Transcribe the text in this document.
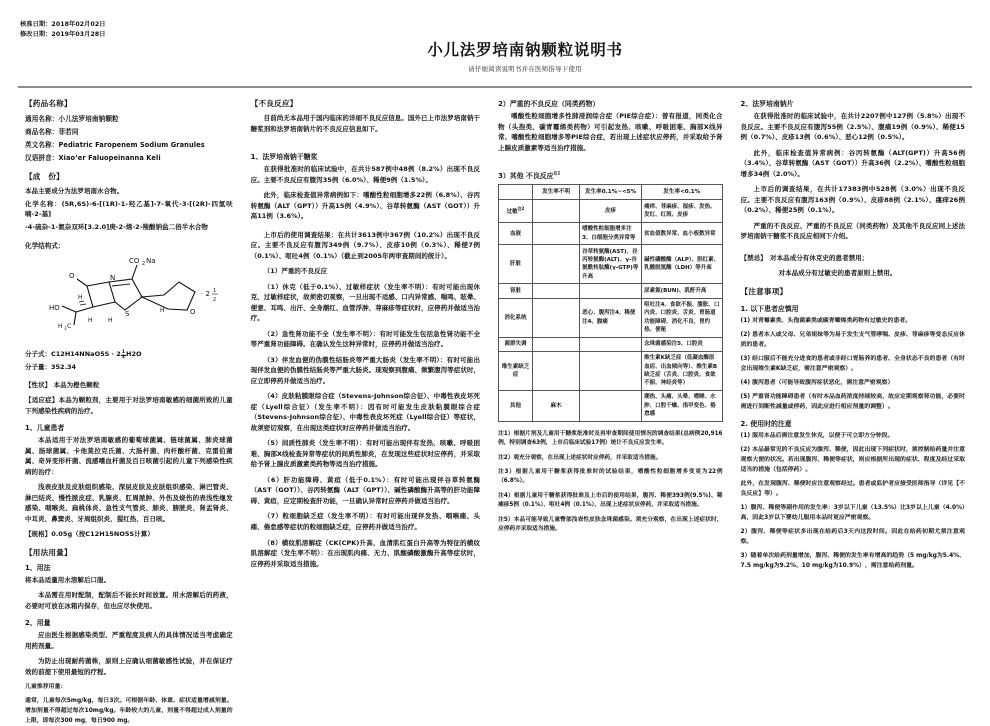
核准日期：2018年02月02日
修改日期：2019年03月28日
小儿法罗培南钠颗粒说明书
请仔细阅读说明书并在医师指导下使用
【药品名称】
通用名称：小儿法罗培南钠颗粒
商品名称：菲若同
英文名称：Pediatric Faropenem Sodium Granules
汉语拼音：Xiao’er Faluopeinanna Keli
【成　份】

本品主要成分为法罗培南水合物。

化学名称：(5R,6S)-6-[(1R)-1-羟乙基]-7-氧代-3-[(2R)-四氢呋喃-2-基]

-4-硫杂-1-氮杂双环[3.2.0]庚-2-烯-2-羧酸钠盐二倍半水合物

化学结构式：
CO 2 Na
O	N
S	O
HO
H
H 3 C
H	H
H
· 2 1
2
分子式：C12H14NNaO5S · $2 \frac{1}{2} H2O$
分子量：352.34

【性状】 本品为橙色颗粒

【适应症】本品为颗粒剂，主要用于对法罗培南敏感的细菌所致的儿童下列感染性疾病的治疗。

1、儿童患者

本品适用于对法罗培南敏感的葡萄球菌属、链球菌属、肺炎球菌属、肠球菌属、卡他莫拉克氏菌、大肠杆菌、肉杆酸杆菌、克雷伯菌属、奇异变形杆菌、流感嗜血杆菌及百日咳菌引起的儿童下列感染性疾病的治疗：

浅表皮肤及皮肤组织感染、深层皮肤及皮肤组织感染、淋巴管炎、淋巴结炎、慢性脓皮症、乳腺炎、肛周脓肿、外伤及烧伤的表浅性继发感染、咽喉炎、扁桃体炎、急性支气管炎、肺炎、膀胱炎、肾盂肾炎、中耳炎、鼻窦炎、牙周组织炎、猩红热、百日咳。

【规格】0.05g（按C12H15NO5S计算）

【用法用量】
1、用法

将本品适量用水溶解后口服。

本品需在用时配制，配制后不能长时间放置。用水溶解后的药液，必要时可放在冰箱内保存，但也应尽快使用。

2、用量

应由医生根据感染类型、严重程度及病人的具体情况适当考虑确定用药剂量。

为防止出现耐药菌株，原则上应确认细菌敏感性试验，并在保证疗效的前提下使用最短的疗程。

儿童推荐用量：

通常，儿童每次5mg/kg，每日3次。可根据年龄、体重、症状适量增减剂量。增加剂量不得超过每次10mg/kg。年龄较大的儿童，剂量不得超过成人剂量的上限，即每次300 mg，每日900 mg。

【不良反应】

目前尚无本品用于国内临床的详细不良反应信息。国外已上市法罗培南钠干糖浆剂和法罗培南钠片的不良反应信息如下。

1、法罗培南钠干糖浆

在获得批准时的临床试验中，在共计587例中48例（8.2%）出现不良反应。主要不良反应有腹泻35例（6.0%）、稀便9例（1.5%）。

此外，临床检查值异常病例如下：嗜酸性粒细胞增多22例（6.8%）、谷丙转氨酶（ALT（GPT））升高15例（4.9%）、谷草转氨酶（AST（GOT））升高11例（3.6%）。

上市后的使用调查结果：在共计3613例中367例（10.2%）出现不良反应。主要不良反应有腹泻349例（9.7%）、皮疹10例（0.3%）、稀便7例（0.1%）、呕吐4例（0.1%）（截止到2005年两审查期间的统计）。

（1）严重的不良反应

（1）休克（低于0.1%）、过敏样症状（发生率不明）：有时可能出现休克、过敏样症状，故须密切观察，一旦出现不适感、口内异常感、喘鸣、眩晕、便意、耳鸣、出汗、全身潮红、血管浮肿、荨麻疹等症状时，应停药并做适当治疗。

（2）急性肾功能不全（发生率不明）：有时可能发生包括急性肾功能不全等严重肾功能障碍。在确认发生这种异常时，应停药并做适当治疗。

（3）伴发血便的伪膜性结肠炎等严重大肠炎（发生率不明）：有时可能出现伴发血便的伪膜性结肠炎等严重大肠炎。现观察到腹痛、频繁腹泻等症状时，应立即停药并做适当治疗。

（4）皮肤粘膜眼综合症（Stevens-Johnson综合征）、中毒性表皮坏死症（Lyell综合征）（发生率不明）：因有时可能发生皮肤粘膜眼综合症（Stevens-Johnson综合征）、中毒性表皮坏死症（Lyell综合征）等症状，故须密切观察，在出现这类症状时应停药并做适当治疗。

（5）间质性肺炎（发生率不明）：有时可能出现伴有发热、咳嗽、呼吸困难、胸部X线检查异常等症状的间质性肺炎，在发现这些症状时应停药，并采取给予肾上腺皮质激素类药物等适当治疗措施。

（6）肝功能障碍、黄疸（低于0.1%）：有时可能出现伴谷草转氨酶（AST（GOT））、谷丙转氨酶（ALT（GPT））、碱性磷酸酶升高等的肝功能障碍、黄疸，应定期检查肝功能，一旦确认异常时应停药并做适当治疗。

（7）粒细胞缺乏症（发生率不明）：有时可能出现伴发热、咽喉痛、头痛、倦怠感等症状的粒细胞缺乏症，应停药并做适当治疗。

（8）横纹肌溶解症（CK(CPK)升高、血清肌红蛋白升高等为特征的横纹肌溶解症（发生率不明）：在出现肌肉痛、无力、肌酸磷酸激酶升高等症状时，应停药并采取适当措施。

2）严重的不良反应（同类药物）

嗜酸性粒细胞增多性肺浸润综合症（PIE综合症）：曾有报道，同类化合物（头孢类、碳青霉烯类药物）可引起发热、咳嗽、呼吸困难、胸部X线异常、嗜酸性粒细胞增多等PIE综合症，若出现上述症状应停药，并采取给予肾上腺皮质激素等适当治疗措施。

3）其他 不良反应$^{注1}$
	发生率不明	发生率0.1%~<5%	发生率<0.1%
过敏$^{注2}$		皮疹	痛痒、荨麻疹、湿疹、发热、发红、红斑、皮疹
血液		嗜酸性粒细胞增多注3、白细胞分类异常等	贫血值数异常、血小板数异常
肝脏		谷草转氨酶(AST)、谷丙转氨酶(ALT)、γ-谷氨酰转肽酶(γ-GTP)等升高	碱性磷酸酶（ALP）、胆红素、乳酸脱氢酶（LDH）等升高
肾脏			尿素氮(BUN)、肌酐升高
消化系统		恶心、腹泻注4、稀便注4、腹痛	呕吐注4、食欲不振、腹胀、口内炎、口腔炎、舌炎、胃肠道功能障碍、消化不良、胃灼热、便秘
菌群失调			念珠菌感染注5、口腔炎
维生素缺乏症			维生素K缺乏症（低凝血酶原血症、出血倾向等）、维生素B缺乏症（舌炎、口腔炎、食欲不振、神经炎等）
其他	麻木		潮热、头痛、头晕、嗜睡、水肿、口腔干燥、指甲变色、倦怠感

注1）根据片剂及儿童用干糖浆批准时及再审查期间使用情况的调查结果(总病例20,916例，特别调查63例，上市后临床试验17例）统计不良反应发生率。

注2）观充分观察，在出现上述症状时应停药，并采取适当措施。

注3）根据儿童用干糖浆获得批准时的试验结果，嗜酸性粒细胞增多变更为22例（6.8%）。

注4）根据儿童用干糖浆获得批准及上市后的使用结果，腹泻、稀便393例(9.5%)、稀痛疹5例（0.1%）、呕吐4例（0.1%），出现上述症状应停药，并采取适当措施。

注5）本品可能导致儿童臀部浅表性皮肤念珠菌感染。须充分观察，在出现上述症状时，应停药并采取适当措施。

2、法罗培南钠片

在获得批准时的临床试验中，在共计2207例中127例（5.8%）出现不良反应。主要不良反应有腹泻55例（2.5%）、腹痛19例（0.9%）、稀便15例（0.7%）、皮疹13例（0.6%）、恶心12例（0.5%）。

此外，临床检查值异常病例：谷丙转氨酶（ALT(GPT)）升高56例（3.4%）、谷草转氨酶（AST（GOT））升高36例（2.2%）、嗜酸性粒细胞增多34例（2.0%）。

上市后的调查结果，在共计17383例中528例（3.0%）出现不良反应。主要不良反应有腹泻163例（0.9%）、皮疹88例（2.1%）、瘙痒26例（0.2%）、稀便25例（0.1%）。

严重的不良反应、严重的不良反应（同类药物）及其他不良反应同上述法罗培南钠干糖浆不良反应相同下介绍。

【禁忌】　 对本品成分有休克史的患者禁用；

对本品成分有过敏史的患者原则上禁用。

【注意事项】
1. 以下患者应慎用

(1) 对青霉素类、头孢菌素类或碳青霉烯类药物有过敏史的患者。

(2) 患者本人或父母、兄弟姐妹等为易于发生支气管哮喘、皮疹、荨麻疹等变态反应体质的患者。

(3) 经口服后不能充分进食的患者或非经口胃肠养的患者、全身状态不良的患者（有时会出现维生素K缺乏症，需注意严密观察）。

(4) 腹泻患者（可能导致腹泻症状恶化，需注意严密观察）

(5) 严重肾功能障碍患者（有时本品血药浓度持续较高，故应定期观察肾功能，必要时需进行间断性减量或停药，因此应进行相应剂量的调整）。

2. 使用时的注意

(1) 服用本品后需注意发生休克，以便于可立即方分钟段。

(2) 本品最常见的不良反应为腹泻、稀便，因此出现下列症状时，须控制给药量并注意观察大便的状况。若出现腹泻、稀便等症状，则应根据所出现的症状、程度及经过采取适当的措施（包括停药）。

此外，在发现腹泻、稀便时应注意观察经过。患者或监护者应接受医师指导（详见【不良反应】等）。

1）腹泻、稀便等副作用的发生率：3岁以下儿童（13.5%）比3岁以上儿童（4.0%）高，因此3岁以下婴幼儿服用本品时更应严密观察。

2）腹泻、稀便等症状多出现在给药后3天内这段时间。因此在给药初期尤须注意观察。

3）随着单次给药剂量增加，腹泻、稀便的发生率有增高的趋势（5 mg/kg为5.4%、7.5 mg/kg为9.2%、10 mg/kg为10.9%），需注意给药剂量。
